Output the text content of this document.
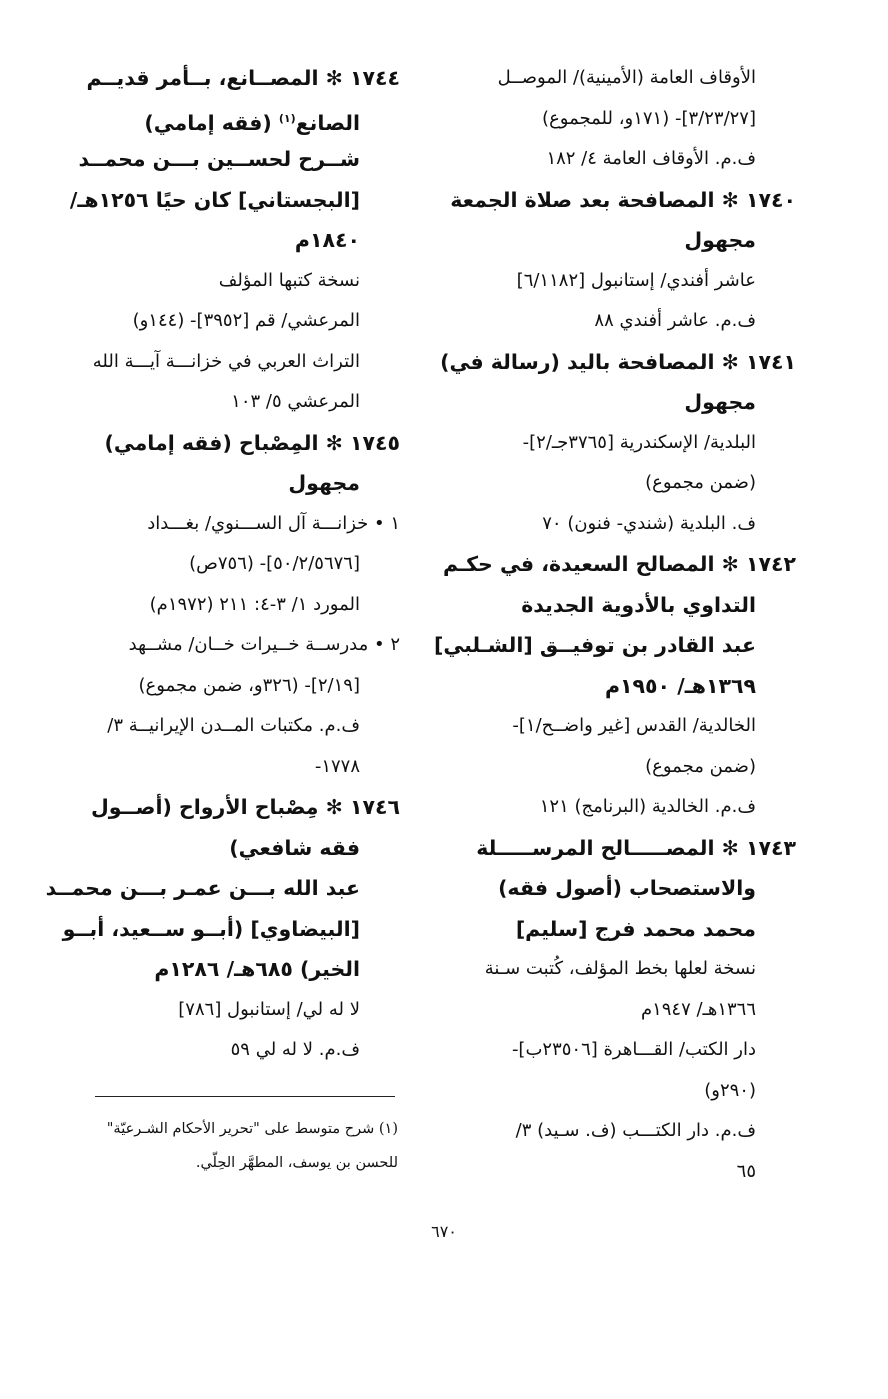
الأوقاف العامة (الأمينية)/ الموصــل
[٣/٢٣/٢٧]- (١٧١و، للمجموع)
ف.م. الأوقاف العامة ٤/ ١٨٢
١٧٤٠ ✻ المصافحة بعد صلاة الجمعة
مجهول
عاشر أفندي/ إستانبول [٦/١١٨٢]
ف.م. عاشر أفندي ٨٨
١٧٤١ ✻ المصافحة باليد (رسالة في)
مجهول
البلدية/ الإسكندرية [٣٧٦٥جـ/٢]-
(ضمن مجموع)
ف. البلدية (شندي- فنون) ٧٠
١٧٤٢ ✻ المصالح السعيدة، في حكـم
التداوي بالأدوية الجديدة
عبد القادر بن توفيــق [الشـلبي]
١٣٦٩هـ/ ١٩٥٠م
الخالدية/ القدس [غير واضــح/١]-
(ضمن مجموع)
ف.م. الخالدية (البرنامج) ١٢١
١٧٤٣ ✻ المصـــــالح المرســـــلة
والاستصحاب (أصول فقه)
محمد محمد فرج [سليم]
نسخة لعلها بخط المؤلف، كُتبت سـنة
١٣٦٦هـ/ ١٩٤٧م
دار الكتب/ القـــاهرة [٢٣٥٠٦ب]-
(٢٩٠و)
ف.م. دار الكتـــب (ف. سـيد) ٣/
٦٥
١٧٤٤ ✻ المصــانع، بــأمر قديــم
الصانع$^{(١)}$ (فقه إمامي)
شــرح لحســين بـــن محمــد
[البجستاني] كان حيًا ١٢٥٦هـ/
١٨٤٠م
نسخة كتبها المؤلف
المرعشي/ قم [٣٩٥٢]- (١٤٤و)
التراث العربي في خزانـــة آيـــة الله
المرعشي ٥/ ١٠٣
١٧٤٥ ✻ المِصْباح (فقه إمامي)
مجهول
١ • خزانـــة آل الســـنوي/ بغـــداد
[٥٠/٢/٥٦٧٦]- (٧٥٦ص)
المورد ١/ ٣-٤: ٢١١ (١٩٧٢م)
٢ • مدرســة خــيرات خــان/ مشــهد
[٢/١٩]- (٣٢٦و، ضمن مجموع)
ف.م. مكتبات المــدن الإيرانيــة ٣/
١٧٧٨-
١٧٤٦ ✻ مِصْباح الأرواح (أصــول
فقه شافعي)
عبد الله بـــن عمـر بـــن محمــد
[البيضاوي] (أبــو ســعيد، أبــو
الخير) ٦٨٥هـ/ ١٢٨٦م
لا له لي/ إستانبول [٧٨٦]
ف.م. لا له لي ٥٩
(١) شرح متوسط على "تحرير الأحكام الشـرعيّة"
للحسن بن يوسف، المطهَّر الحِلّي.
٦٧٠
